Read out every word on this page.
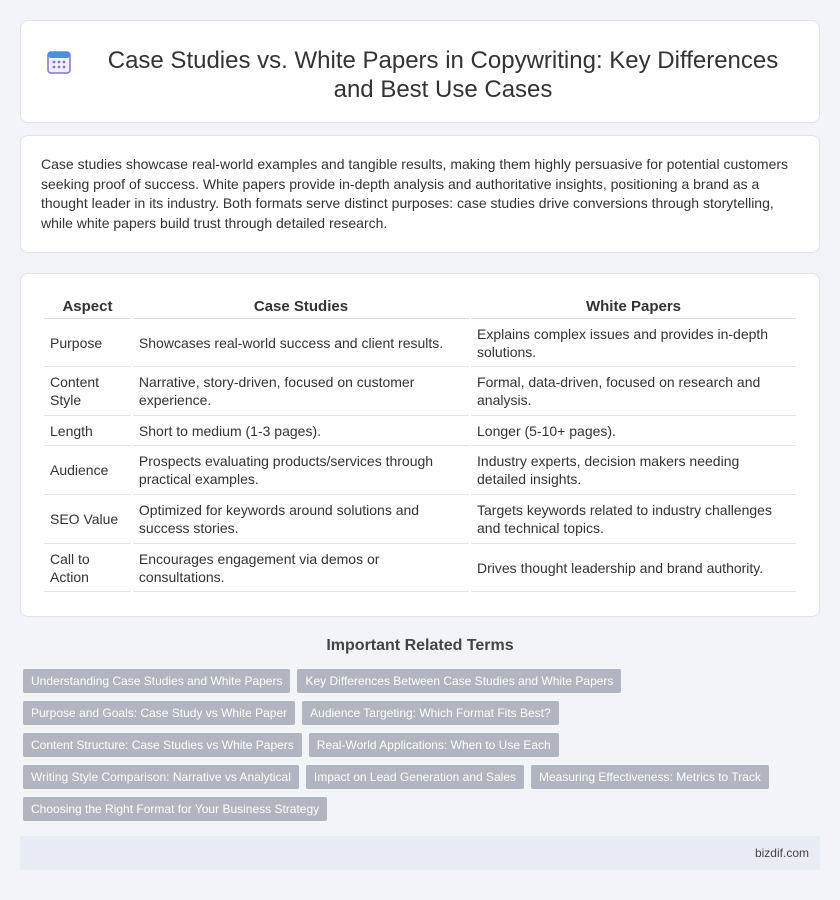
Case Studies vs. White Papers in Copywriting: Key Differences and Best Use Cases

Case studies showcase real-world examples and tangible results, making them highly persuasive for potential customers seeking proof of success. White papers provide in-depth analysis and authoritative insights, positioning a brand as a thought leader in its industry. Both formats serve distinct purposes: case studies drive conversions through storytelling, while white papers build trust through detailed research.

Aspect	Case Studies	White Papers
Purpose	Showcases real-world success and client results.	Explains complex issues and provides in-depth solutions.
Content Style	Narrative, story-driven, focused on customer experience.	Formal, data-driven, focused on research and analysis.
Length	Short to medium (1-3 pages).	Longer (5-10+ pages).
Audience	Prospects evaluating products/services through practical examples.	Industry experts, decision makers needing detailed insights.
SEO Value	Optimized for keywords around solutions and success stories.	Targets keywords related to industry challenges and technical topics.
Call to Action	Encourages engagement via demos or consultations.	Drives thought leadership and brand authority.
Important Related Terms
Understanding Case Studies and White Papers	Key Differences Between Case Studies and White Papers
Purpose and Goals: Case Study vs White Paper	Audience Targeting: Which Format Fits Best?
Content Structure: Case Studies vs White Papers	Real-World Applications: When to Use Each
Writing Style Comparison: Narrative vs Analytical	Impact on Lead Generation and Sales	Measuring Effectiveness: Metrics to Track
Choosing the Right Format for Your Business Strategy
bizdif.com
